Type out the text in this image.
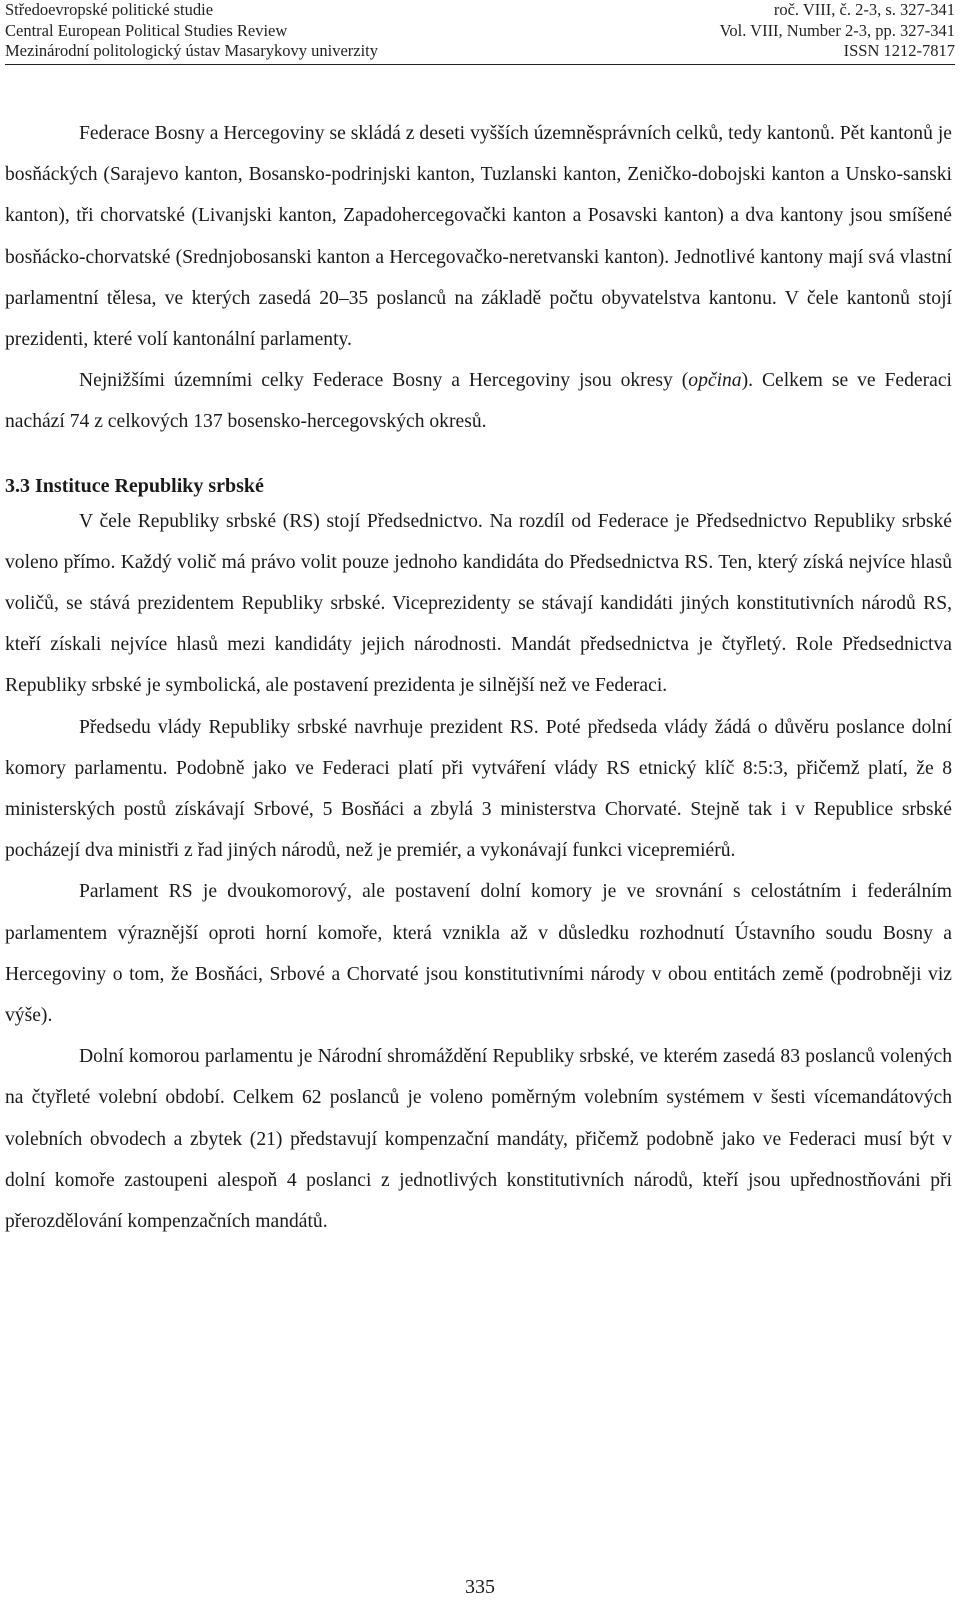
Středoevropské politické studie	roč. VIII, č. 2-3, s. 327-341
Central European Political Studies Review	Vol. VIII, Number 2-3, pp. 327-341
Mezinárodní politologický ústav Masarykovy univerzity	ISSN 1212-7817

Federace Bosny a Hercegoviny se skládá z deseti vyšších územněsprávních celků, tedy kantonů. Pět kantonů je bosňáckých (Sarajevo kanton, Bosansko-podrinjski kanton, Tuzlanski kanton, Zeničko-dobojski kanton a Unsko-sanski kanton), tři chorvatské (Livanjski kanton, Zapadohercegovački kanton a Posavski kanton) a dva kantony jsou smíšené bosňácko-chorvatské (Srednjobosanski kanton a Hercegovačko-neretvanski kanton). Jednotlivé kantony mají svá vlastní parlamentní tělesa, ve kterých zasedá 20–35 poslanců na základě počtu obyvatelstva kantonu. V čele kantonů stojí prezidenti, které volí kantonální parlamenty.

Nejnižšími územními celky Federace Bosny a Hercegoviny jsou okresy (opčina). Celkem se ve Federaci nachází 74 z celkových 137 bosensko-hercegovských okresů.

3.3 Instituce Republiky srbské

V čele Republiky srbské (RS) stojí Předsednictvo. Na rozdíl od Federace je Předsednictvo Republiky srbské voleno přímo. Každý volič má právo volit pouze jednoho kandidáta do Předsednictva RS. Ten, který získá nejvíce hlasů voličů, se stává prezidentem Republiky srbské. Viceprezidenty se stávají kandidáti jiných konstitutivních národů RS, kteří získali nejvíce hlasů mezi kandidáty jejich národnosti. Mandát předsednictva je čtyřletý. Role Předsednictva Republiky srbské je symbolická, ale postavení prezidenta je silnější než ve Federaci.

Předsedu vlády Republiky srbské navrhuje prezident RS. Poté předseda vlády žádá o důvěru poslance dolní komory parlamentu. Podobně jako ve Federaci platí při vytváření vlády RS etnický klíč 8:5:3, přičemž platí, že 8 ministerských postů získávají Srbové, 5 Bosňáci a zbylá 3 ministerstva Chorvaté. Stejně tak i v Republice srbské pocházejí dva ministři z řad jiných národů, než je premiér, a vykonávají funkci vicepremiérů.

Parlament RS je dvoukomorový, ale postavení dolní komory je ve srovnání s celostátním i federálním parlamentem výraznější oproti horní komoře, která vznikla až v důsledku rozhodnutí Ústavního soudu Bosny a Hercegoviny o tom, že Bosňáci, Srbové a Chorvaté jsou konstitutivními národy v obou entitách země (podrobněji viz výše).

Dolní komorou parlamentu je Národní shromáždění Republiky srbské, ve kterém zasedá 83 poslanců volených na čtyřleté volební období. Celkem 62 poslanců je voleno poměrným volebním systémem v šesti vícemandátových volebních obvodech a zbytek (21) představují kompenzační mandáty, přičemž podobně jako ve Federaci musí být v dolní komoře zastoupeni alespoň 4 poslanci z jednotlivých konstitutivních národů, kteří jsou upřednostňováni při přerozdělování kompenzačních mandátů.

335
